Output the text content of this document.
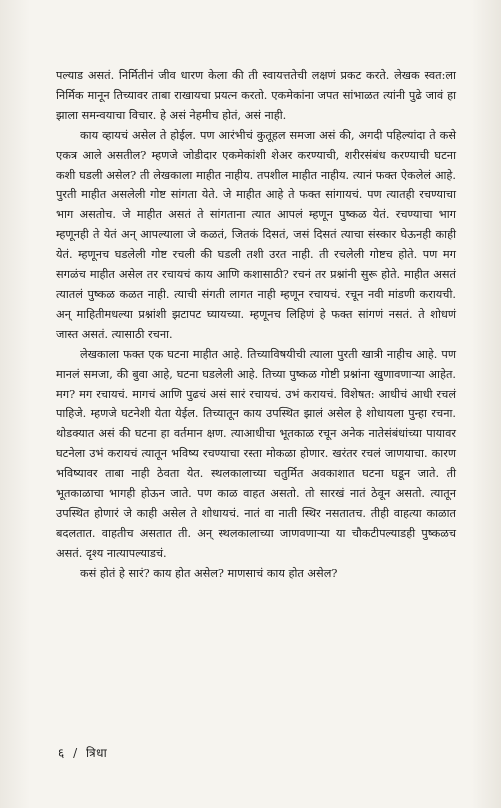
पल्याड असतं. निर्मितीनं जीव धारण केला की ती स्वायत्ततेची लक्षणं प्रकट करते. लेखक स्वत:ला निर्मिक मानून तिच्यावर ताबा राखायचा प्रयत्न करतो. एकमेकांना जपत सांभाळत त्यांनी पुढे जावं हा झाला समन्वयाचा विचार. हे असं नेहमीच होतं, असं नाही.

काय व्हायचं असेल ते होईल. पण आरंभीचं कुतूहल समजा असं की, अगदी पहिल्यांदा ते कसे एकत्र आले असतील? म्हणजे जोडीदार एकमेकांशी शेअर करण्याची, शरीरसंबंध करण्याची घटना कशी घडली असेल? ती लेखकाला माहीत नाहीय. तपशील माहीत नाहीय. त्यानं फक्त ऐकलेलं आहे. पुरती माहीत असलेली गोष्ट सांगता येते. जे माहीत आहे ते फक्त सांगायचं. पण त्यातही रचण्याचा भाग असतोच. जे माहीत असतं ते सांगताना त्यात आपलं म्हणून पुष्कळ येतं. रचण्याचा भाग म्हणूनही ते येतं अन् आपल्याला जे कळतं, जितकं दिसतं, जसं दिसतं त्याचा संस्कार घेऊनही काही येतं. म्हणूनच घडलेली गोष्ट रचली की घडली तशी उरत नाही. ती रचलेली गोष्टच होते. पण मग सगळंच माहीत असेल तर रचायचं काय आणि कशासाठी? रचनं तर प्रश्नांनी सुरू होते. माहीत असतं त्यातलं पुष्कळ कळत नाही. त्याची संगती लागत नाही म्हणून रचायचं. रचून नवी मांडणी करायची. अन् माहितीमधल्या प्रश्नांशी झटापट घ्यायच्या. म्हणूनच लिहिणं हे फक्त सांगणं नसतं. ते शोधणं जास्त असतं. त्यासाठी रचना.

लेखकाला फक्त एक घटना माहीत आहे. तिच्याविषयीची त्याला पुरती खात्री नाहीच आहे. पण मानलं समजा, की बुवा आहे, घटना घडलेली आहे. तिच्या पुष्कळ गोष्टी प्रश्नांना खुणावणाऱ्या आहेत. मग? मग रचायचं. मागचं आणि पुढचं असं सारं रचायचं. उभं करायचं. विशेषत: आधीचं आधी रचलं पाहिजे. म्हणजे घटनेशी येता येईल. तिच्यातून काय उपस्थित झालं असेल हे शोधायला पुन्हा रचना. थोडक्यात असं की घटना हा वर्तमान क्षण. त्याआधीचा भूतकाळ रचून अनेक नातेसंबंधांच्या पायावर घटनेला उभं करायचं त्यातून भविष्य रचण्याचा रस्ता मोकळा होणार. खरंतर रचलं जाणयाचा. कारण भविष्यावर ताबा नाही ठेवता येत. स्थलकालाच्या चतुर्मित अवकाशात घटना घडून जाते. ती भूतकाळाचा भागही होऊन जाते. पण काळ वाहत असतो. तो सारखं नातं ठेवून असतो. त्यातून उपस्थित होणारं जे काही असेल ते शोधायचं. नातं वा नाती स्थिर नसतातच. तीही वाहत्या काळात बदलतात. वाहतीच असतात ती. अन् स्थलकालाच्या जाणवणाऱ्या या चौकटीपल्याडही पुष्कळच असतं. दृश्य नात्यापल्याडचं.

कसं होतं हे सारं? काय होत असेल? माणसाचं काय होत असेल?

६ / त्रिधा
